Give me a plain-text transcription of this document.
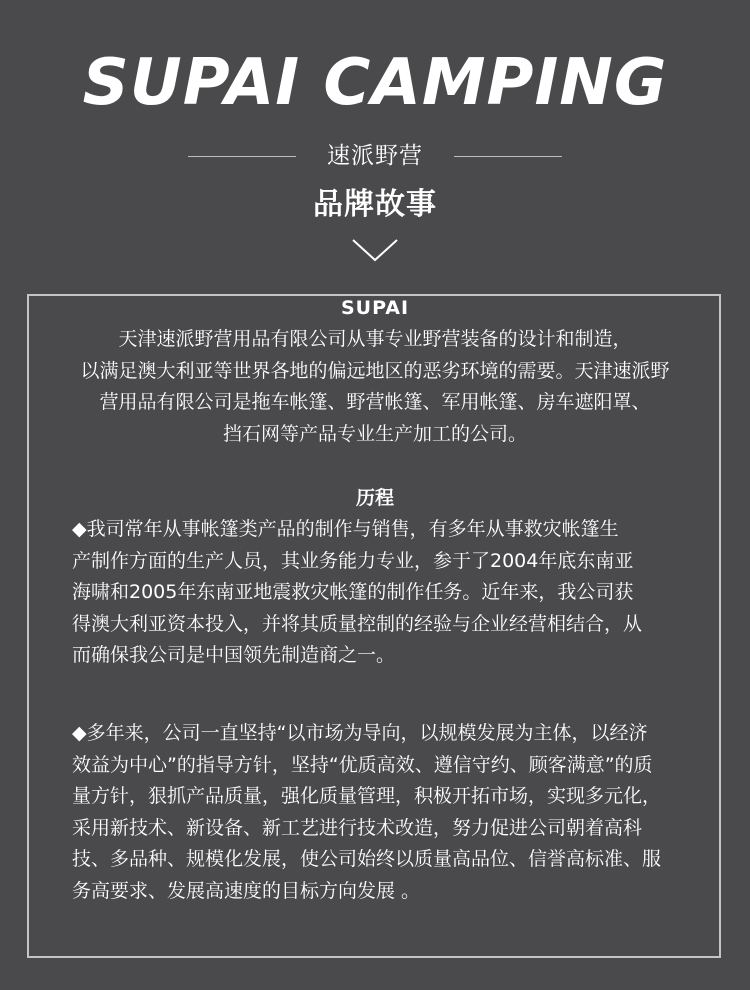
SUPAI CAMPING
速派野营
品牌故事
SUPAI
天津速派野营用品有限公司从事专业野营装备的设计和制造，
以满足澳大利亚等世界各地的偏远地区的恶劣环境的需要。天津速派野
营用品有限公司是拖车帐篷、野营帐篷、军用帐篷、房车遮阳罩、
挡石网等产品专业生产加工的公司。
历程
◆我司常年从事帐篷类产品的制作与销售，有多年从事救灾帐篷生
产制作方面的生产人员，其业务能力专业，参于了2004年底东南亚
海啸和2005年东南亚地震救灾帐篷的制作任务。近年来，我公司获
得澳大利亚资本投入，并将其质量控制的经验与企业经营相结合，从
而确保我公司是中国领先制造商之一。
◆多年来，公司一直坚持“以市场为导向，以规模发展为主体，以经济
效益为中心”的指导方针，坚持“优质高效、遵信守约、顾客满意”的质
量方针，狠抓产品质量，强化质量管理，积极开拓市场，实现多元化，
采用新技术、新设备、新工艺进行技术改造，努力促进公司朝着高科
技、多品种、规模化发展，使公司始终以质量高品位、信誉高标准、服
务高要求、发展高速度的目标方向发展 。
